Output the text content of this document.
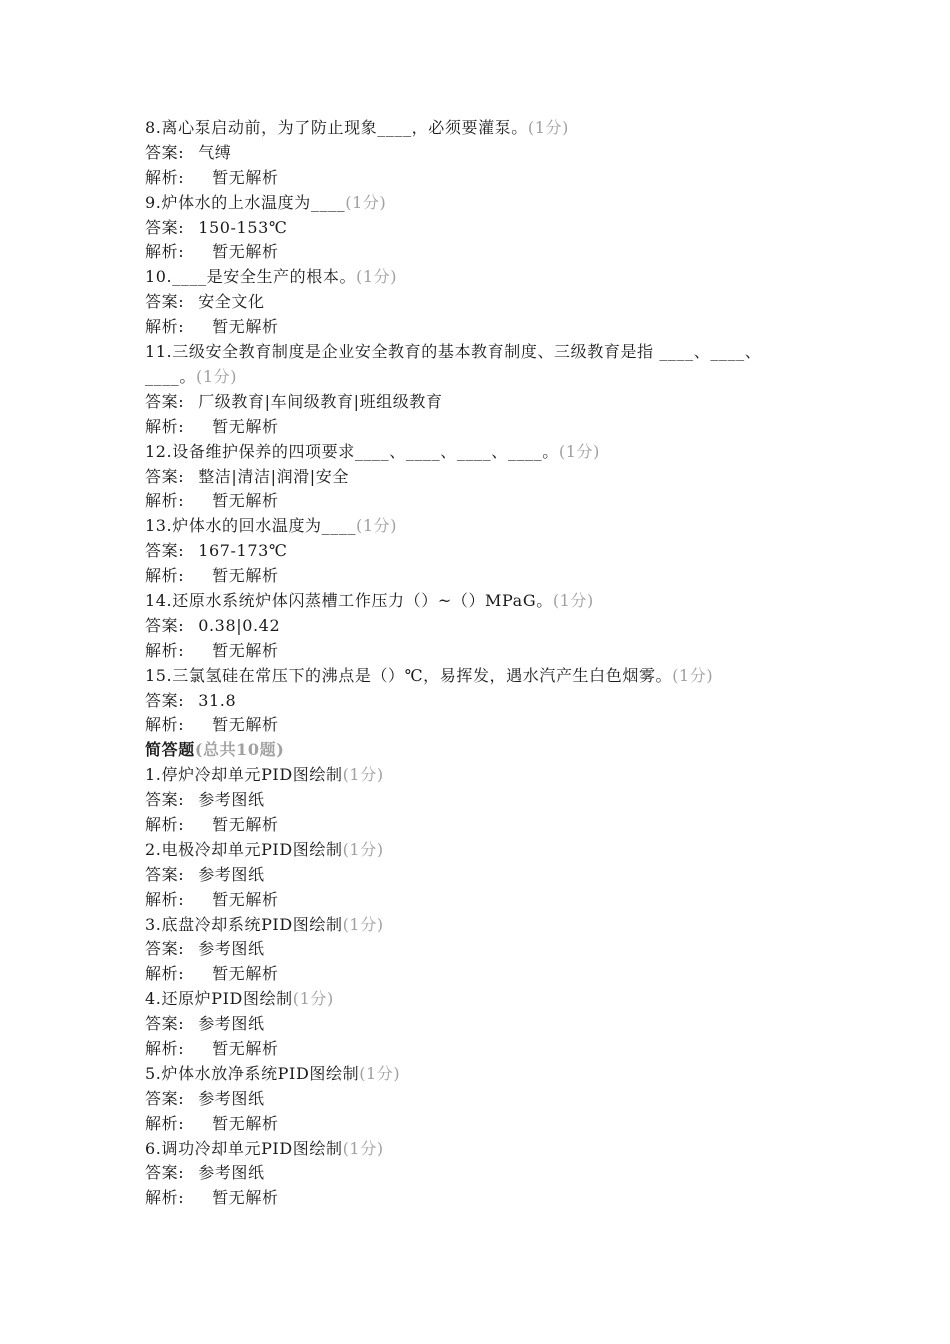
8.离心泵启动前，为了防止现象____，必须要灌泵。(1分)
答案: 气缚
解析: 暂无解析
9.炉体水的上水温度为____(1分)
答案: 150-153℃
解析: 暂无解析
10.____是安全生产的根本。(1分)
答案: 安全文化
解析: 暂无解析
11.三级安全教育制度是企业安全教育的基本教育制度、三级教育是指 ____、____、____。(1分)
答案: 厂级教育|车间级教育|班组级教育
解析: 暂无解析
12.设备维护保养的四项要求____、____、____、____。(1分)
答案: 整洁|清洁|润滑|安全
解析: 暂无解析
13.炉体水的回水温度为____(1分)
答案: 167-173℃
解析: 暂无解析
14.还原水系统炉体闪蒸槽工作压力（）~（）MPaG。(1分)
答案: 0.38|0.42
解析: 暂无解析
15.三氯氢硅在常压下的沸点是（）℃，易挥发，遇水汽产生白色烟雾。(1分)
答案: 31.8
解析: 暂无解析
简答题(总共10题)
1.停炉冷却单元PID图绘制(1分)
答案: 参考图纸
解析: 暂无解析
2.电极冷却单元PID图绘制(1分)
答案: 参考图纸
解析: 暂无解析
3.底盘冷却系统PID图绘制(1分)
答案: 参考图纸
解析: 暂无解析
4.还原炉PID图绘制(1分)
答案: 参考图纸
解析: 暂无解析
5.炉体水放净系统PID图绘制(1分)
答案: 参考图纸
解析: 暂无解析
6.调功冷却单元PID图绘制(1分)
答案: 参考图纸
解析: 暂无解析
